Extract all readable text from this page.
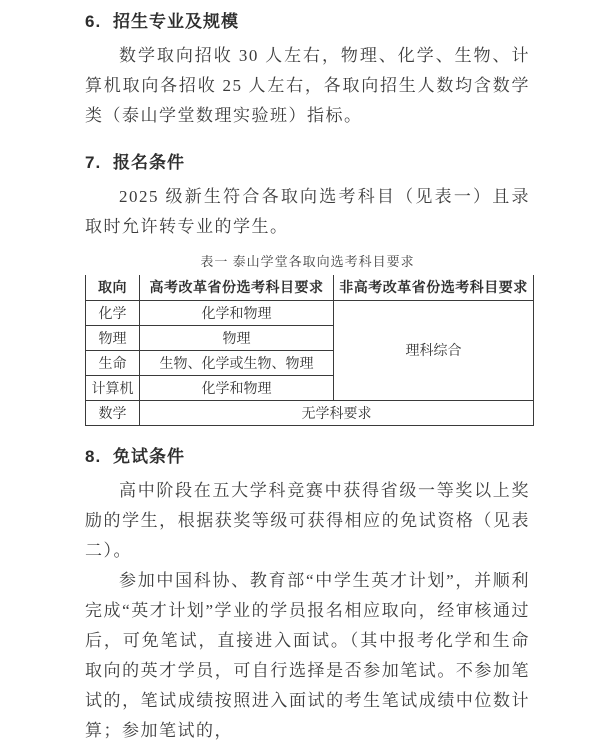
6. 招生专业及规模

数学取向招收 30 人左右，物理、化学、生物、计算机取向各招收 25 人左右，各取向招生人数均含数学类（泰山学堂数理实验班）指标。

7. 报名条件

2025 级新生符合各取向选考科目（见表一）且录取时允许转专业的学生。

表一 泰山学堂各取向选考科目要求
取向	高考改革省份选考科目要求	非高考改革省份选考科目要求
化学	化学和物理	理科综合
物理	物理	
生命	生物、化学或生物、物理	
计算机	化学和物理	
数学	无学科要求	
8. 免试条件

高中阶段在五大学科竞赛中获得省级一等奖以上奖励的学生，根据获奖等级可获得相应的免试资格（见表二）。

参加中国科协、教育部“中学生英才计划”，并顺利完成“英才计划”学业的学员报名相应取向，经审核通过后，可免笔试，直接进入面试。（其中报考化学和生命取向的英才学员，可自行选择是否参加笔试。不参加笔试的，笔试成绩按照进入面试的考生笔试成绩中位数计算；参加笔试的，
